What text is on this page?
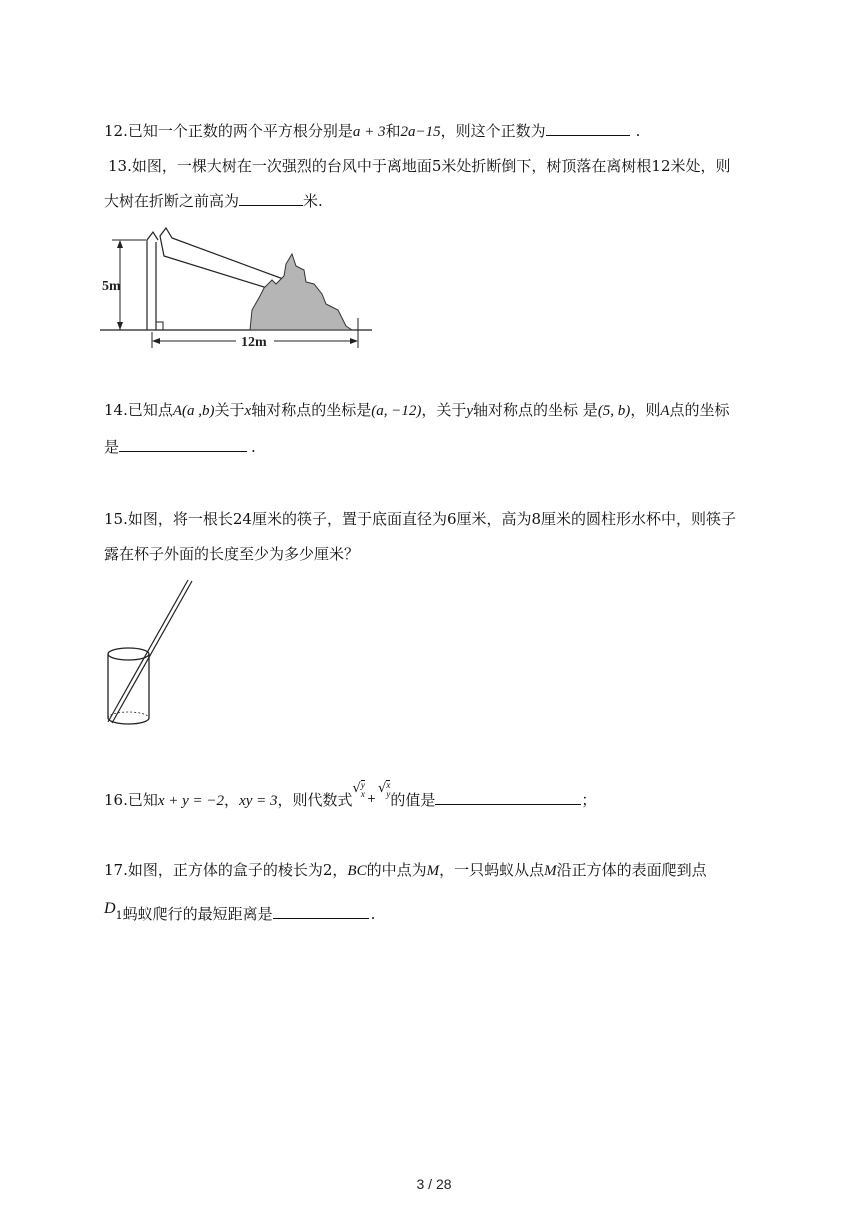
12.已知一个正数的两个平方根分别是a + 3和2a−15，则这个正数为	.
13.如图，一棵大树在一次强烈的台风中于离地面5米处折断倒下，树顶落在离树根12米处，则
大树在折断之前高为	米.
5m
12m
14.已知点A(a ,b)关于x轴对称点的坐标是(a, −12)，关于y轴对称点的坐标 是(5, b)，则A点的坐标
是	.
15.如图，将一根长24厘米的筷子，置于底面直径为6厘米，高为8厘米的圆柱形水杯中，则筷子
露在杯子外面的长度至少为多少厘米？
16.已知x + y = −2，xy = 3，则代数式√y
x +√x
y的值是	；
17.如图，正方体的盒子的棱长为2，BC的中点为M，一只蚂蚁从点M沿正方体的表面爬到点
D1蚂蚁爬行的最短距离是	.
3 / 28
